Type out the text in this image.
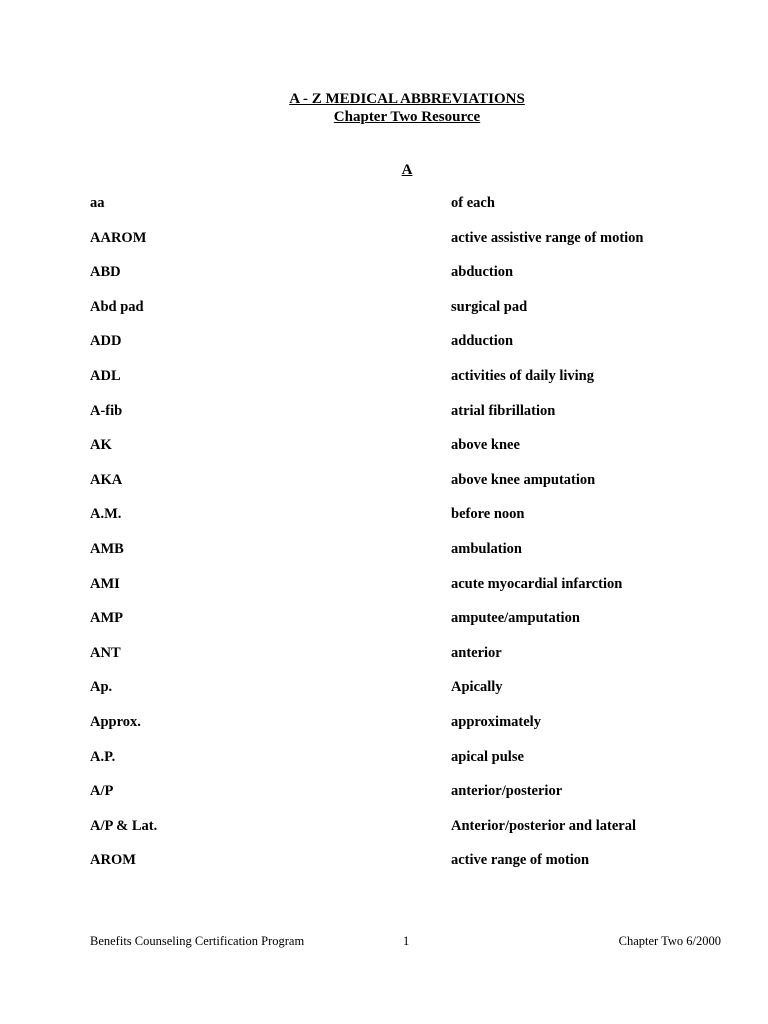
A - Z MEDICAL ABBREVIATIONS
Chapter Two Resource
A
aa	of each
AAROM	active assistive range of motion
ABD	abduction
Abd pad	surgical pad
ADD	adduction
ADL	activities of daily living
A-fib	atrial fibrillation
AK	above knee
AKA	above knee amputation
A.M.	before noon
AMB	ambulation
AMI	acute myocardial infarction
AMP	amputee/amputation
ANT	anterior
Ap.	Apically
Approx.	approximately
A.P.	apical pulse
A/P	anterior/posterior
A/P & Lat.	Anterior/posterior and lateral
AROM	active range of motion
Benefits Counseling Certification Program	1	Chapter Two 6/2000
